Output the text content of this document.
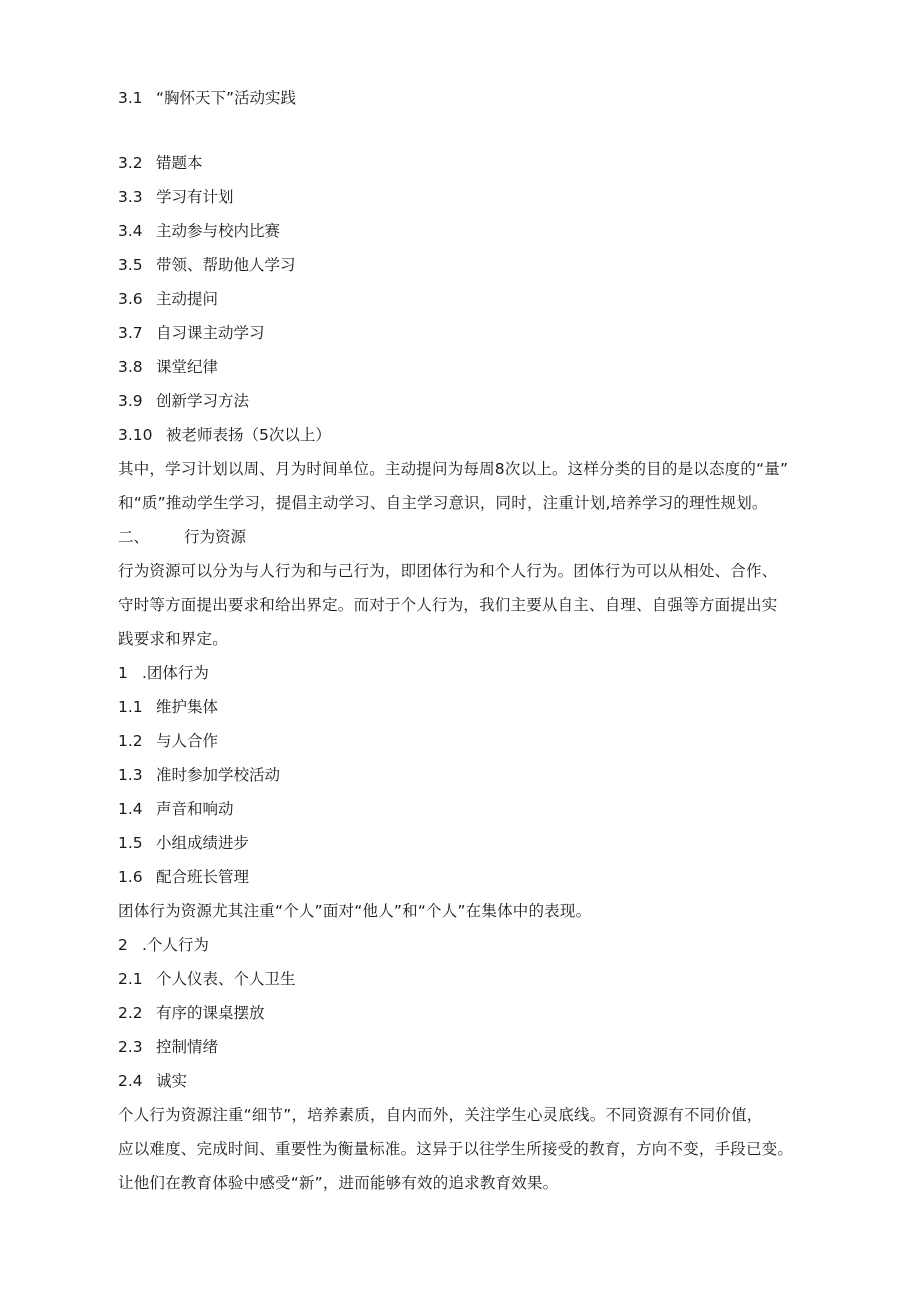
3.1 “胸怀天下”活动实践
3.2 错题本
3.3 学习有计划
3.4 主动参与校内比赛
3.5 带领、帮助他人学习
3.6 主动提问
3.7 自习课主动学习
3.8 课堂纪律
3.9 创新学习方法
3.10 被老师表扬（5次以上）
其中，学习计划以周、月为时间单位。主动提问为每周8次以上。这样分类的目的是以态度的“量”
和“质”推动学生学习，提倡主动学习、自主学习意识，同时，注重计划,培养学习的理性规划。
二、 行为资源
行为资源可以分为与人行为和与己行为，即团体行为和个人行为。团体行为可以从相处、合作、
守时等方面提出要求和给出界定。而对于个人行为，我们主要从自主、自理、自强等方面提出实
践要求和界定。
1 .团体行为
1.1 维护集体
1.2 与人合作
1.3 准时参加学校活动
1.4 声音和响动
1.5 小组成绩进步
1.6 配合班长管理
团体行为资源尤其注重“个人”面对“他人”和“个人”在集体中的表现。
2 .个人行为
2.1 个人仪表、个人卫生
2.2 有序的课桌摆放
2.3 控制情绪
2.4 诚实
个人行为资源注重“细节”，培养素质，自内而外，关注学生心灵底线。不同资源有不同价值，
应以难度、完成时间、重要性为衡量标准。这异于以往学生所接受的教育，方向不变，手段已变。
让他们在教育体验中感受“新”，进而能够有效的追求教育效果。
